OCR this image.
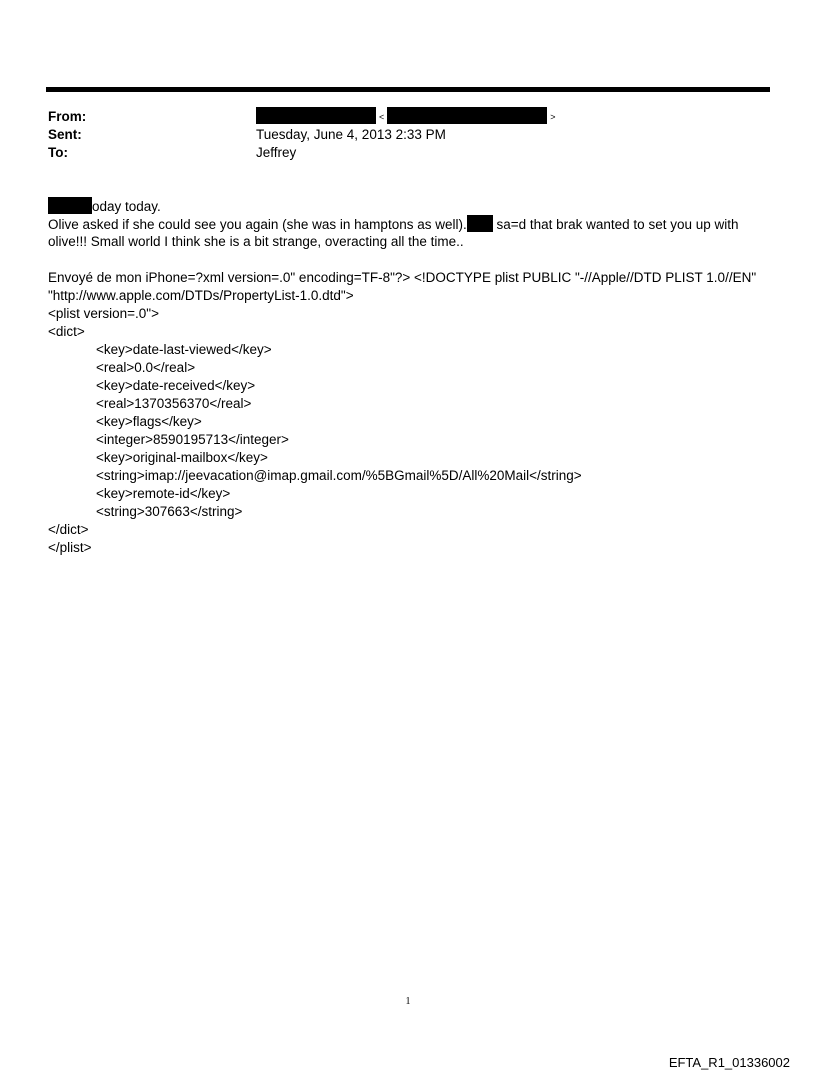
From:
Sent:
To:
<	>
Tuesday, June 4, 2013 2:33 PM
Jeffrey
oday today.
Olive asked if she could see you again (she was in hamptons as well). sa=d that brak wanted to set you up with
olive!!! Small world I think she is a bit strange, overacting all the time..
Envoyé de mon iPhone=?xml version=.0" encoding=TF-8"?> <!DOCTYPE plist PUBLIC "-//Apple//DTD PLIST 1.0//EN"
"http://www.apple.com/DTDs/PropertyList-1.0.dtd">
<plist version=.0">
<dict>
<key>date-last-viewed</key>
<real>0.0</real>
<key>date-received</key>
<real>1370356370</real>
<key>flags</key>
<integer>8590195713</integer>
<key>original-mailbox</key>
<string>imap://jeevacation@imap.gmail.com/%5BGmail%5D/All%20Mail</string>
<key>remote-id</key>
<string>307663</string>
</dict>
</plist>
1
EFTA_R1_01336002
